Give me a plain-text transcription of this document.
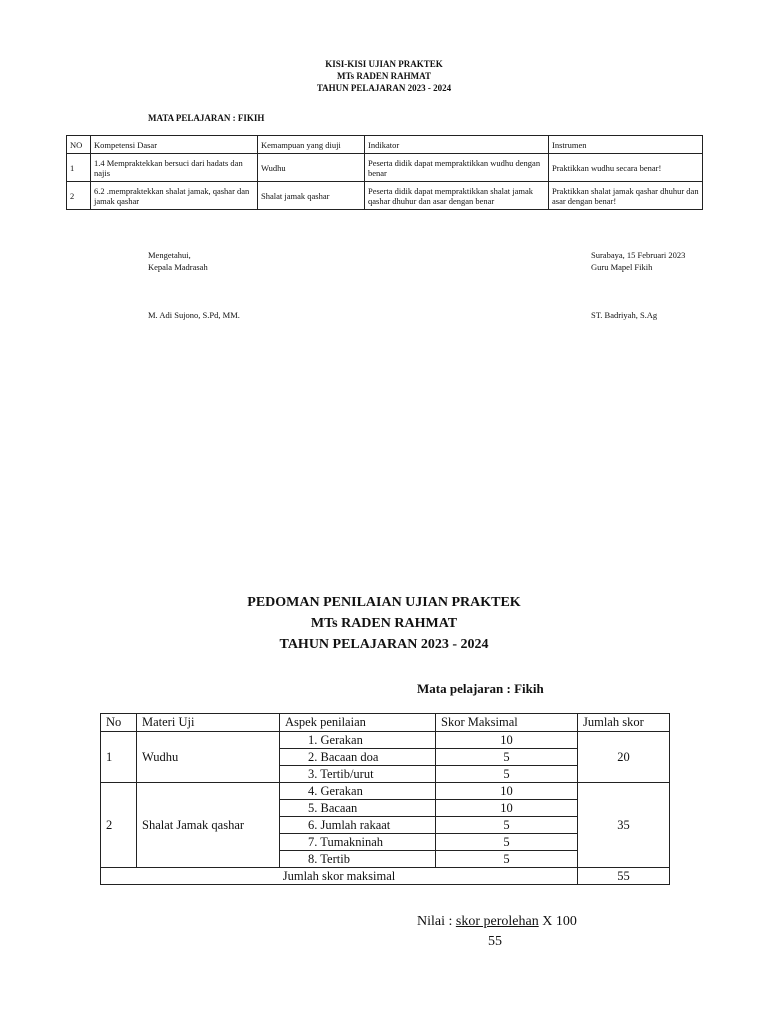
KISI-KISI UJIAN PRAKTEK
MTs RADEN RAHMAT
TAHUN PELAJARAN 2023 - 2024
MATA PELAJARAN : FIKIH
NO	Kompetensi Dasar	Kemampuan yang diuji	Indikator	Instrumen
1	1.4 Mempraktekkan bersuci dari hadats dan najis	Wudhu	Peserta didik dapat mempraktikkan wudhu dengan benar	Praktikkan wudhu secara benar!
2	6.2 .mempraktekkan shalat jamak, qashar dan jamak qashar	Shalat jamak qashar	Peserta didik dapat mempraktikkan shalat jamak qashar dhuhur dan asar dengan benar	Praktikkan shalat jamak qashar dhuhur dan asar dengan benar!
Mengetahui,
Kepala Madrasah
M. Adi Sujono, S.Pd, MM.
Surabaya, 15 Februari 2023
Guru Mapel Fikih
ST. Badriyah, S.Ag
PEDOMAN PENILAIAN UJIAN PRAKTEK
MTs RADEN RAHMAT
TAHUN PELAJARAN 2023 - 2024
Mata pelajaran : Fikih
No	Materi Uji	Aspek penilaian	Skor Maksimal	Jumlah skor
1	Wudhu	1. Gerakan	10	20
		2. Bacaan doa	5	
		3. Tertib/urut	5	
2	Shalat Jamak qashar	4. Gerakan	10	35
		5. Bacaan	10	
		6. Jumlah rakaat	5	
		7. Tumakninah	5	
		8. Tertib	5	
Jumlah skor maksimal				55
Nilai : skor perolehan X 100
55
